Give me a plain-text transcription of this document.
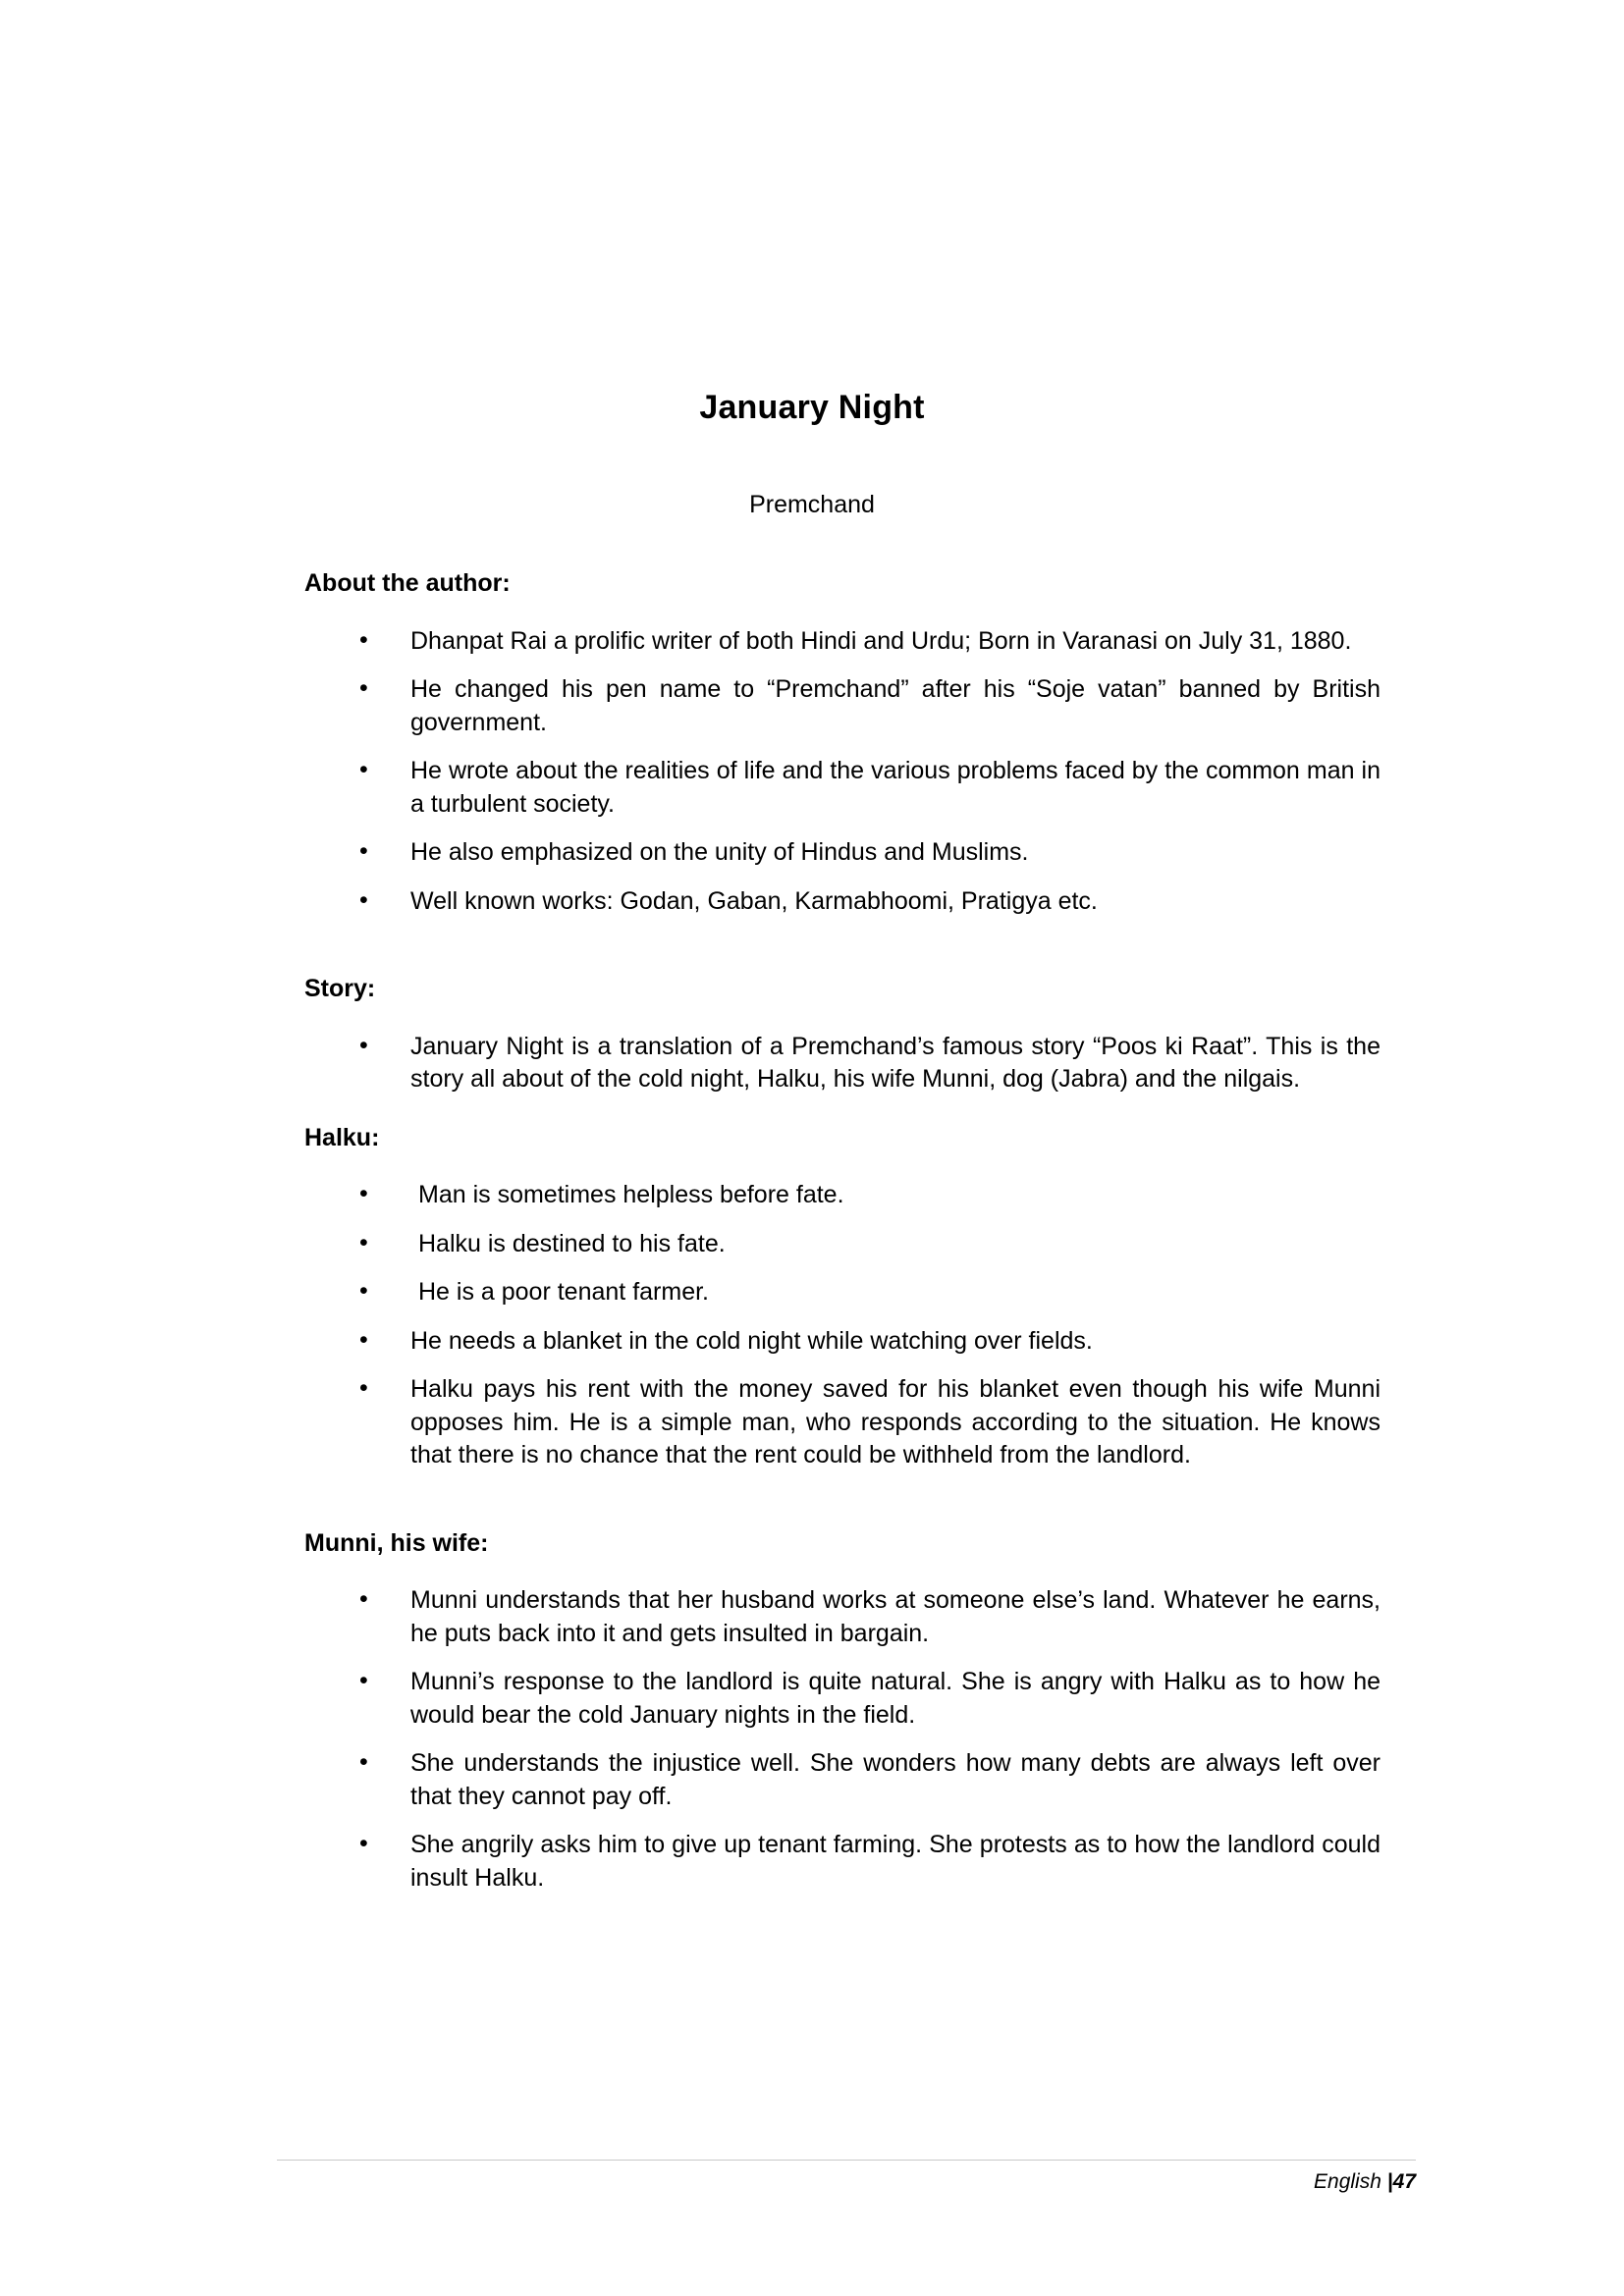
January Night
Premchand
About the author:
• Dhanpat Rai a prolific writer of both Hindi and Urdu; Born in Varanasi on July 31, 1880.
• He changed his pen name to “Premchand” after his “Soje vatan” banned by British government.
• He wrote about the realities of life and the various problems faced by the common man in a turbulent society.
• He also emphasized on the unity of Hindus and Muslims.
• Well known works: Godan, Gaban, Karmabhoomi, Pratigya etc.
Story:
• January Night is a translation of a Premchand’s famous story “Poos ki Raat”. This is the story all about of the cold night, Halku, his wife Munni, dog (Jabra) and the nilgais.
Halku:
• Man is sometimes helpless before fate.
• Halku is destined to his fate.
• He is a poor tenant farmer.
• He needs a blanket in the cold night while watching over fields.
• Halku pays his rent with the money saved for his blanket even though his wife Munni opposes him. He is a simple man, who responds according to the situation. He knows that there is no chance that the rent could be withheld from the landlord.
Munni, his wife:
• Munni understands that her husband works at someone else’s land. Whatever he earns, he puts back into it and gets insulted in bargain.
• Munni’s response to the landlord is quite natural. She is angry with Halku as to how he would bear the cold January nights in the field.
• She understands the injustice well. She wonders how many debts are always left over that they cannot pay off.
• She angrily asks him to give up tenant farming. She protests as to how the landlord could insult Halku.
English |47
